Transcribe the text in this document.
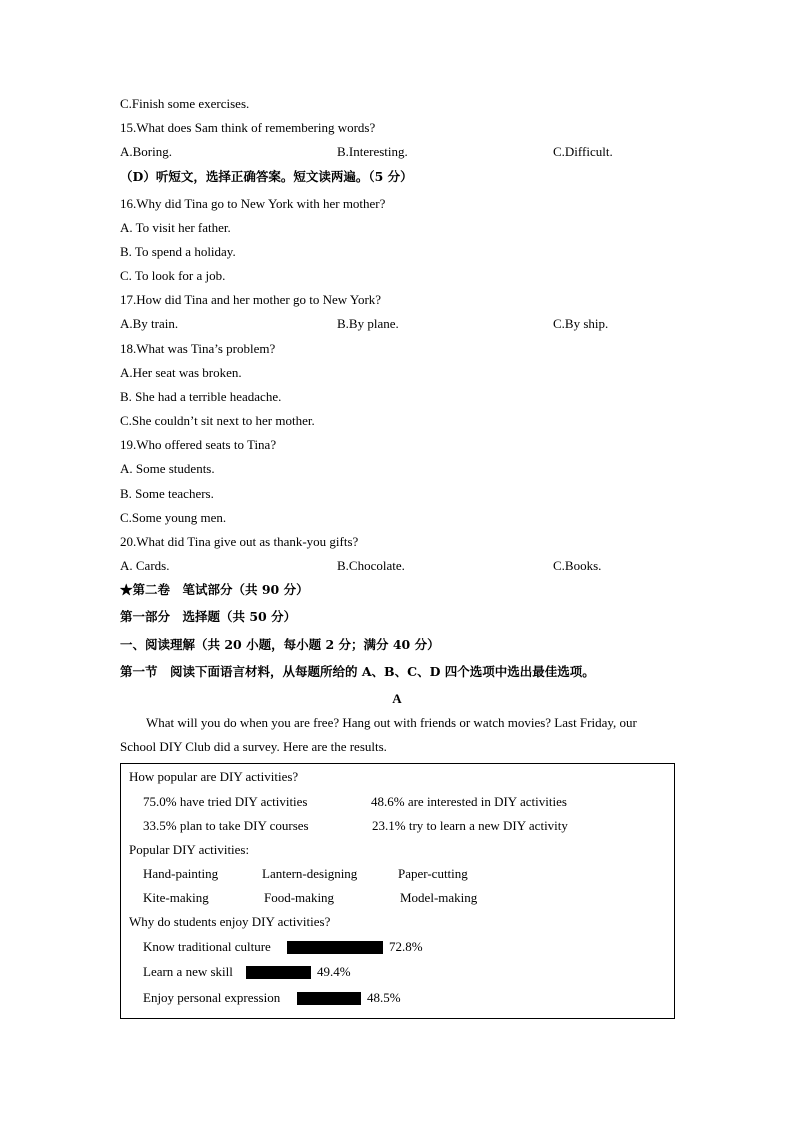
C.Finish some exercises.
15.What does Sam think of remembering words?
A.Boring.	B.Interesting.	C.Difficult.
（D）听短文，选择正确答案。短文读两遍。（5 分）
16.Why did Tina go to New York with her mother?
A. To visit her father.
B. To spend a holiday.
C. To look for a job.
17.How did Tina and her mother go to New York?
A.By train.	B.By plane.	C.By ship.
18.What was Tina’s problem?
A.Her seat was broken.
B. She had a terrible headache.
C.She couldn’t sit next to her mother.
19.Who offered seats to Tina?
A. Some students.
B. Some teachers.
C.Some young men.
20.What did Tina give out as thank-you gifts?
A. Cards.	B.Chocolate.	C.Books.
★第二卷　笔试部分（共 90 分）
第一部分　选择题（共 50 分）
一、阅读理解（共 20 小题，每小题 2 分；满分 40 分）
第一节　阅读下面语言材料，从每题所给的 A、B、C、D 四个选项中选出最佳选项。
A
What will you do when you are free? Hang out with friends or watch movies? Last Friday, our
School DIY Club did a survey. Here are the results.
How popular are DIY activities?
75.0% have tried DIY activities	48.6% are interested in DIY activities
33.5% plan to take DIY courses	23.1% try to learn a new DIY activity
Popular DIY activities:
Hand-painting	Lantern-designing	Paper-cutting
Kite-making	Food-making	Model-making
Why do students enjoy DIY activities?
Know traditional culture	72.8%
Learn a new skill	49.4%
Enjoy personal expression	48.5%
